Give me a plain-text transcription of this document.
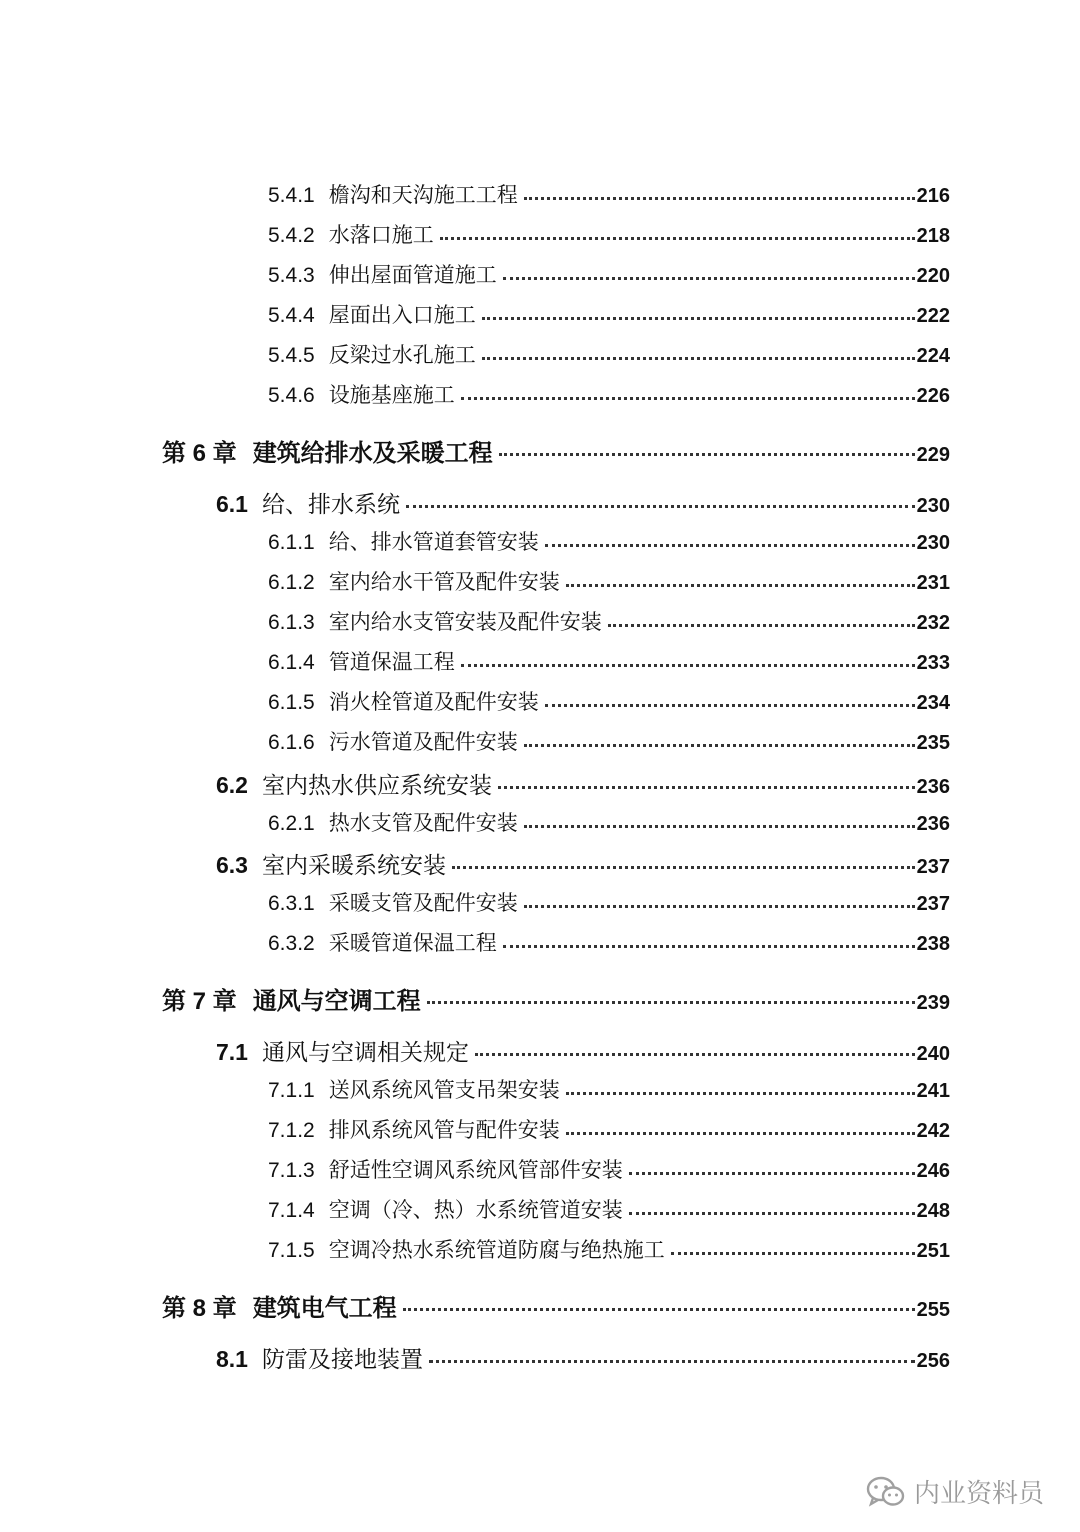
5.4.1 檐沟和天沟施工工程	216
5.4.2 水落口施工	218
5.4.3 伸出屋面管道施工	220
5.4.4 屋面出入口施工	222
5.4.5 反梁过水孔施工	224
5.4.6 设施基座施工	226
第 6 章 建筑给排水及采暖工程	229
6.1 给、排水系统	230
6.1.1 给、排水管道套管安装	230
6.1.2 室内给水干管及配件安装	231
6.1.3 室内给水支管安装及配件安装	232
6.1.4 管道保温工程	233
6.1.5 消火栓管道及配件安装	234
6.1.6 污水管道及配件安装	235
6.2 室内热水供应系统安装	236
6.2.1 热水支管及配件安装	236
6.3 室内采暖系统安装	237
6.3.1 采暖支管及配件安装	237
6.3.2 采暖管道保温工程	238
第 7 章 通风与空调工程	239
7.1 通风与空调相关规定	240
7.1.1 送风系统风管支吊架安装	241
7.1.2 排风系统风管与配件安装	242
7.1.3 舒适性空调风系统风管部件安装	246
7.1.4 空调（冷、热）水系统管道安装	248
7.1.5 空调冷热水系统管道防腐与绝热施工	251
第 8 章 建筑电气工程	255
8.1 防雷及接地装置	256
内业资料员
